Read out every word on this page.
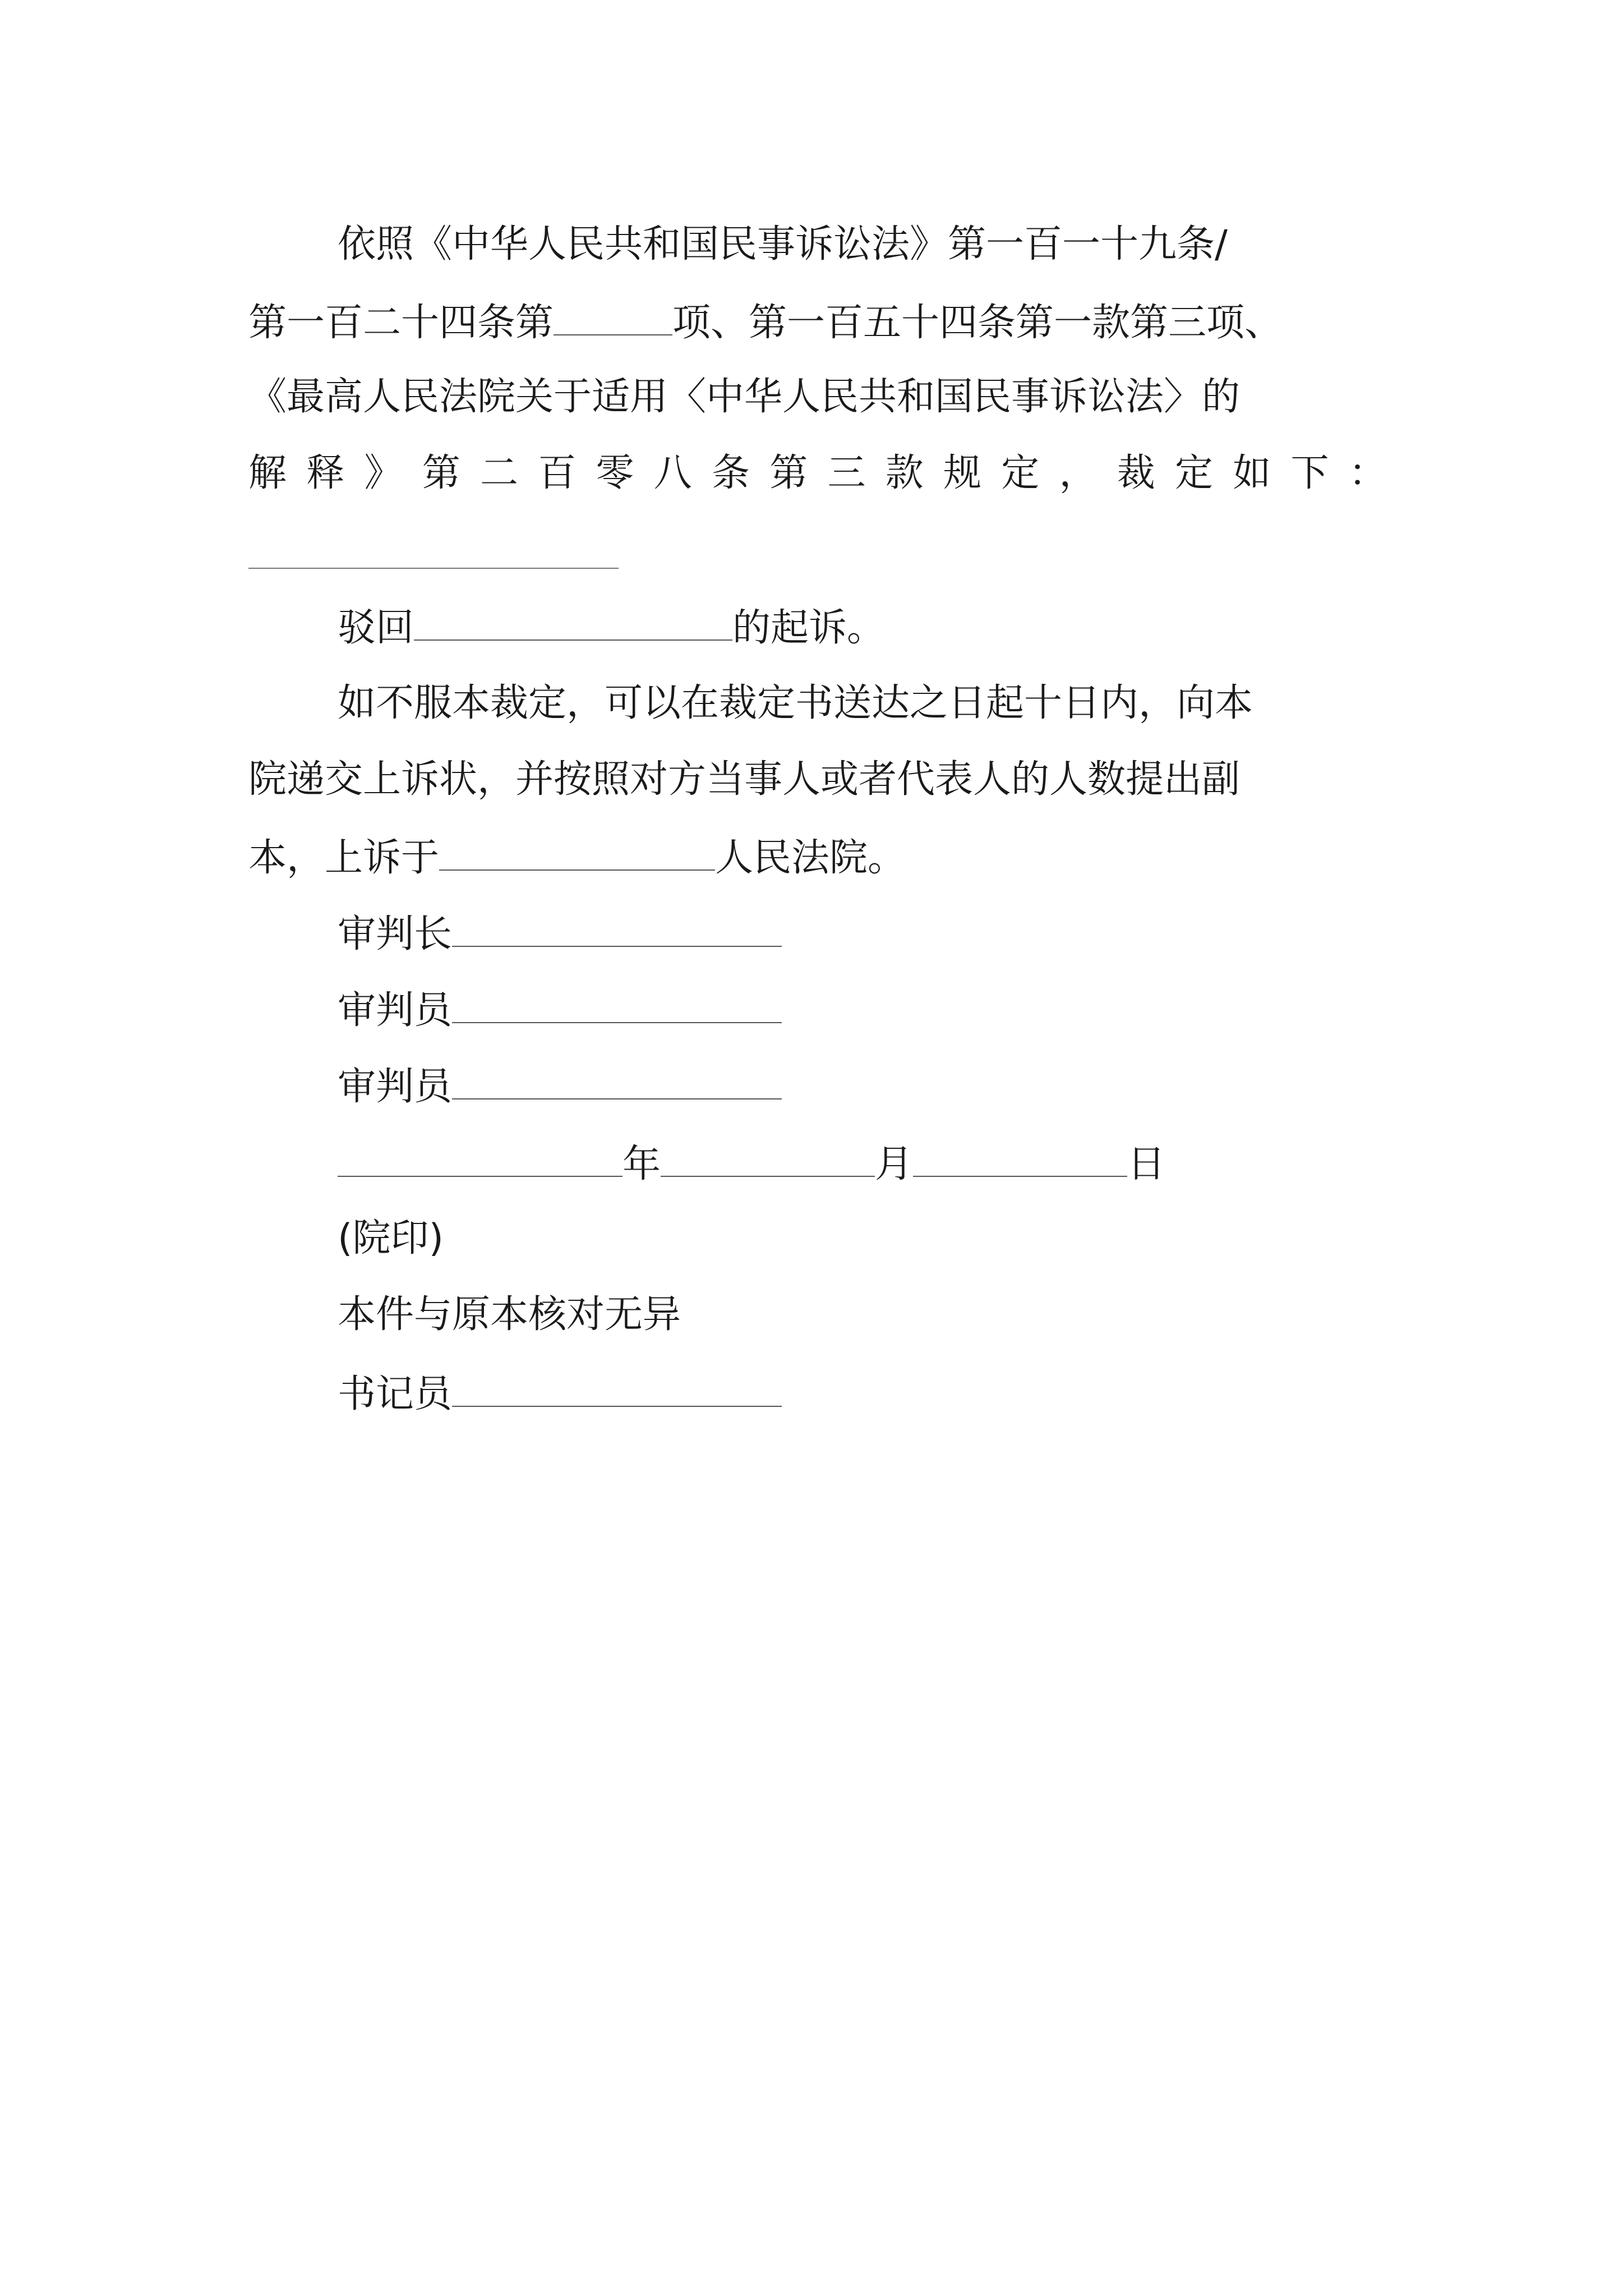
依照《中华人民共和国民事诉讼法》第一百一十九条/
第一百二十四条第	项、第一百五十四条第一款第三项、
《最高人民法院关于适用〈中华人民共和国民事诉讼法〉的
解 释 》 第 二 百 零 八 条 第 三 款 规 定 ， 裁 定 如 下 ：
驳回	的起诉。
如不服本裁定，可以在裁定书送达之日起十日内，向本
院递交上诉状，并按照对方当事人或者代表人的人数提出副
本，上诉于	人民法院。
审判长
审判员
审判员
年	月	日
(院印)
本件与原本核对无异
书记员
